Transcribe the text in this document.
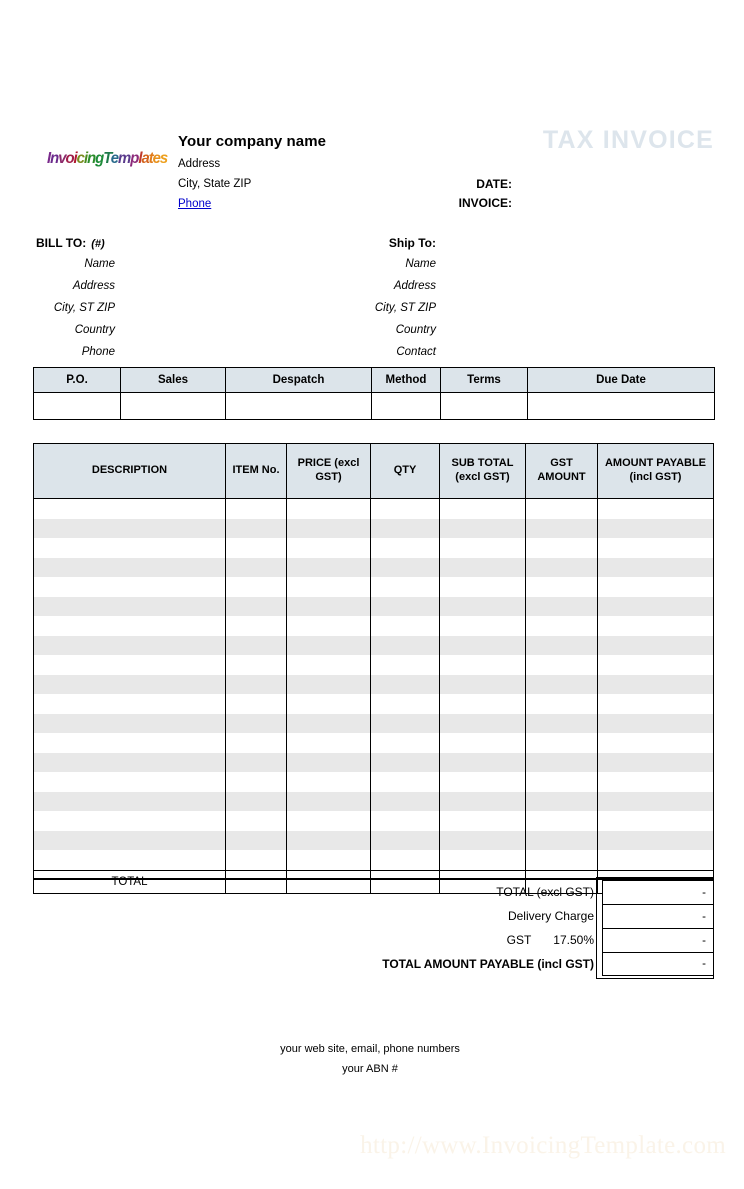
InvoicingTemplates
Your company name
Address
City, State ZIP
Phone
TAX INVOICE
DATE:
INVOICE:
BILL TO: (#)
Name
Address
City, ST ZIP
Country
Phone
Ship To:
Name
Address
City, ST ZIP
Country
Contact
P.O.	Sales	Despatch	Method	Terms	Due Date

DESCRIPTION	ITEM No.	PRICE (excl GST)	QTY	SUB TOTAL (excl GST)	GST AMOUNT	AMOUNT PAYABLE (incl GST)

TOTAL						
TOTAL (excl GST)	-
Delivery Charge	-
GST 17.50%	-
TOTAL AMOUNT PAYABLE (incl GST)	-
your web site, email, phone numbers
your ABN #
http://www.InvoicingTemplate.com
